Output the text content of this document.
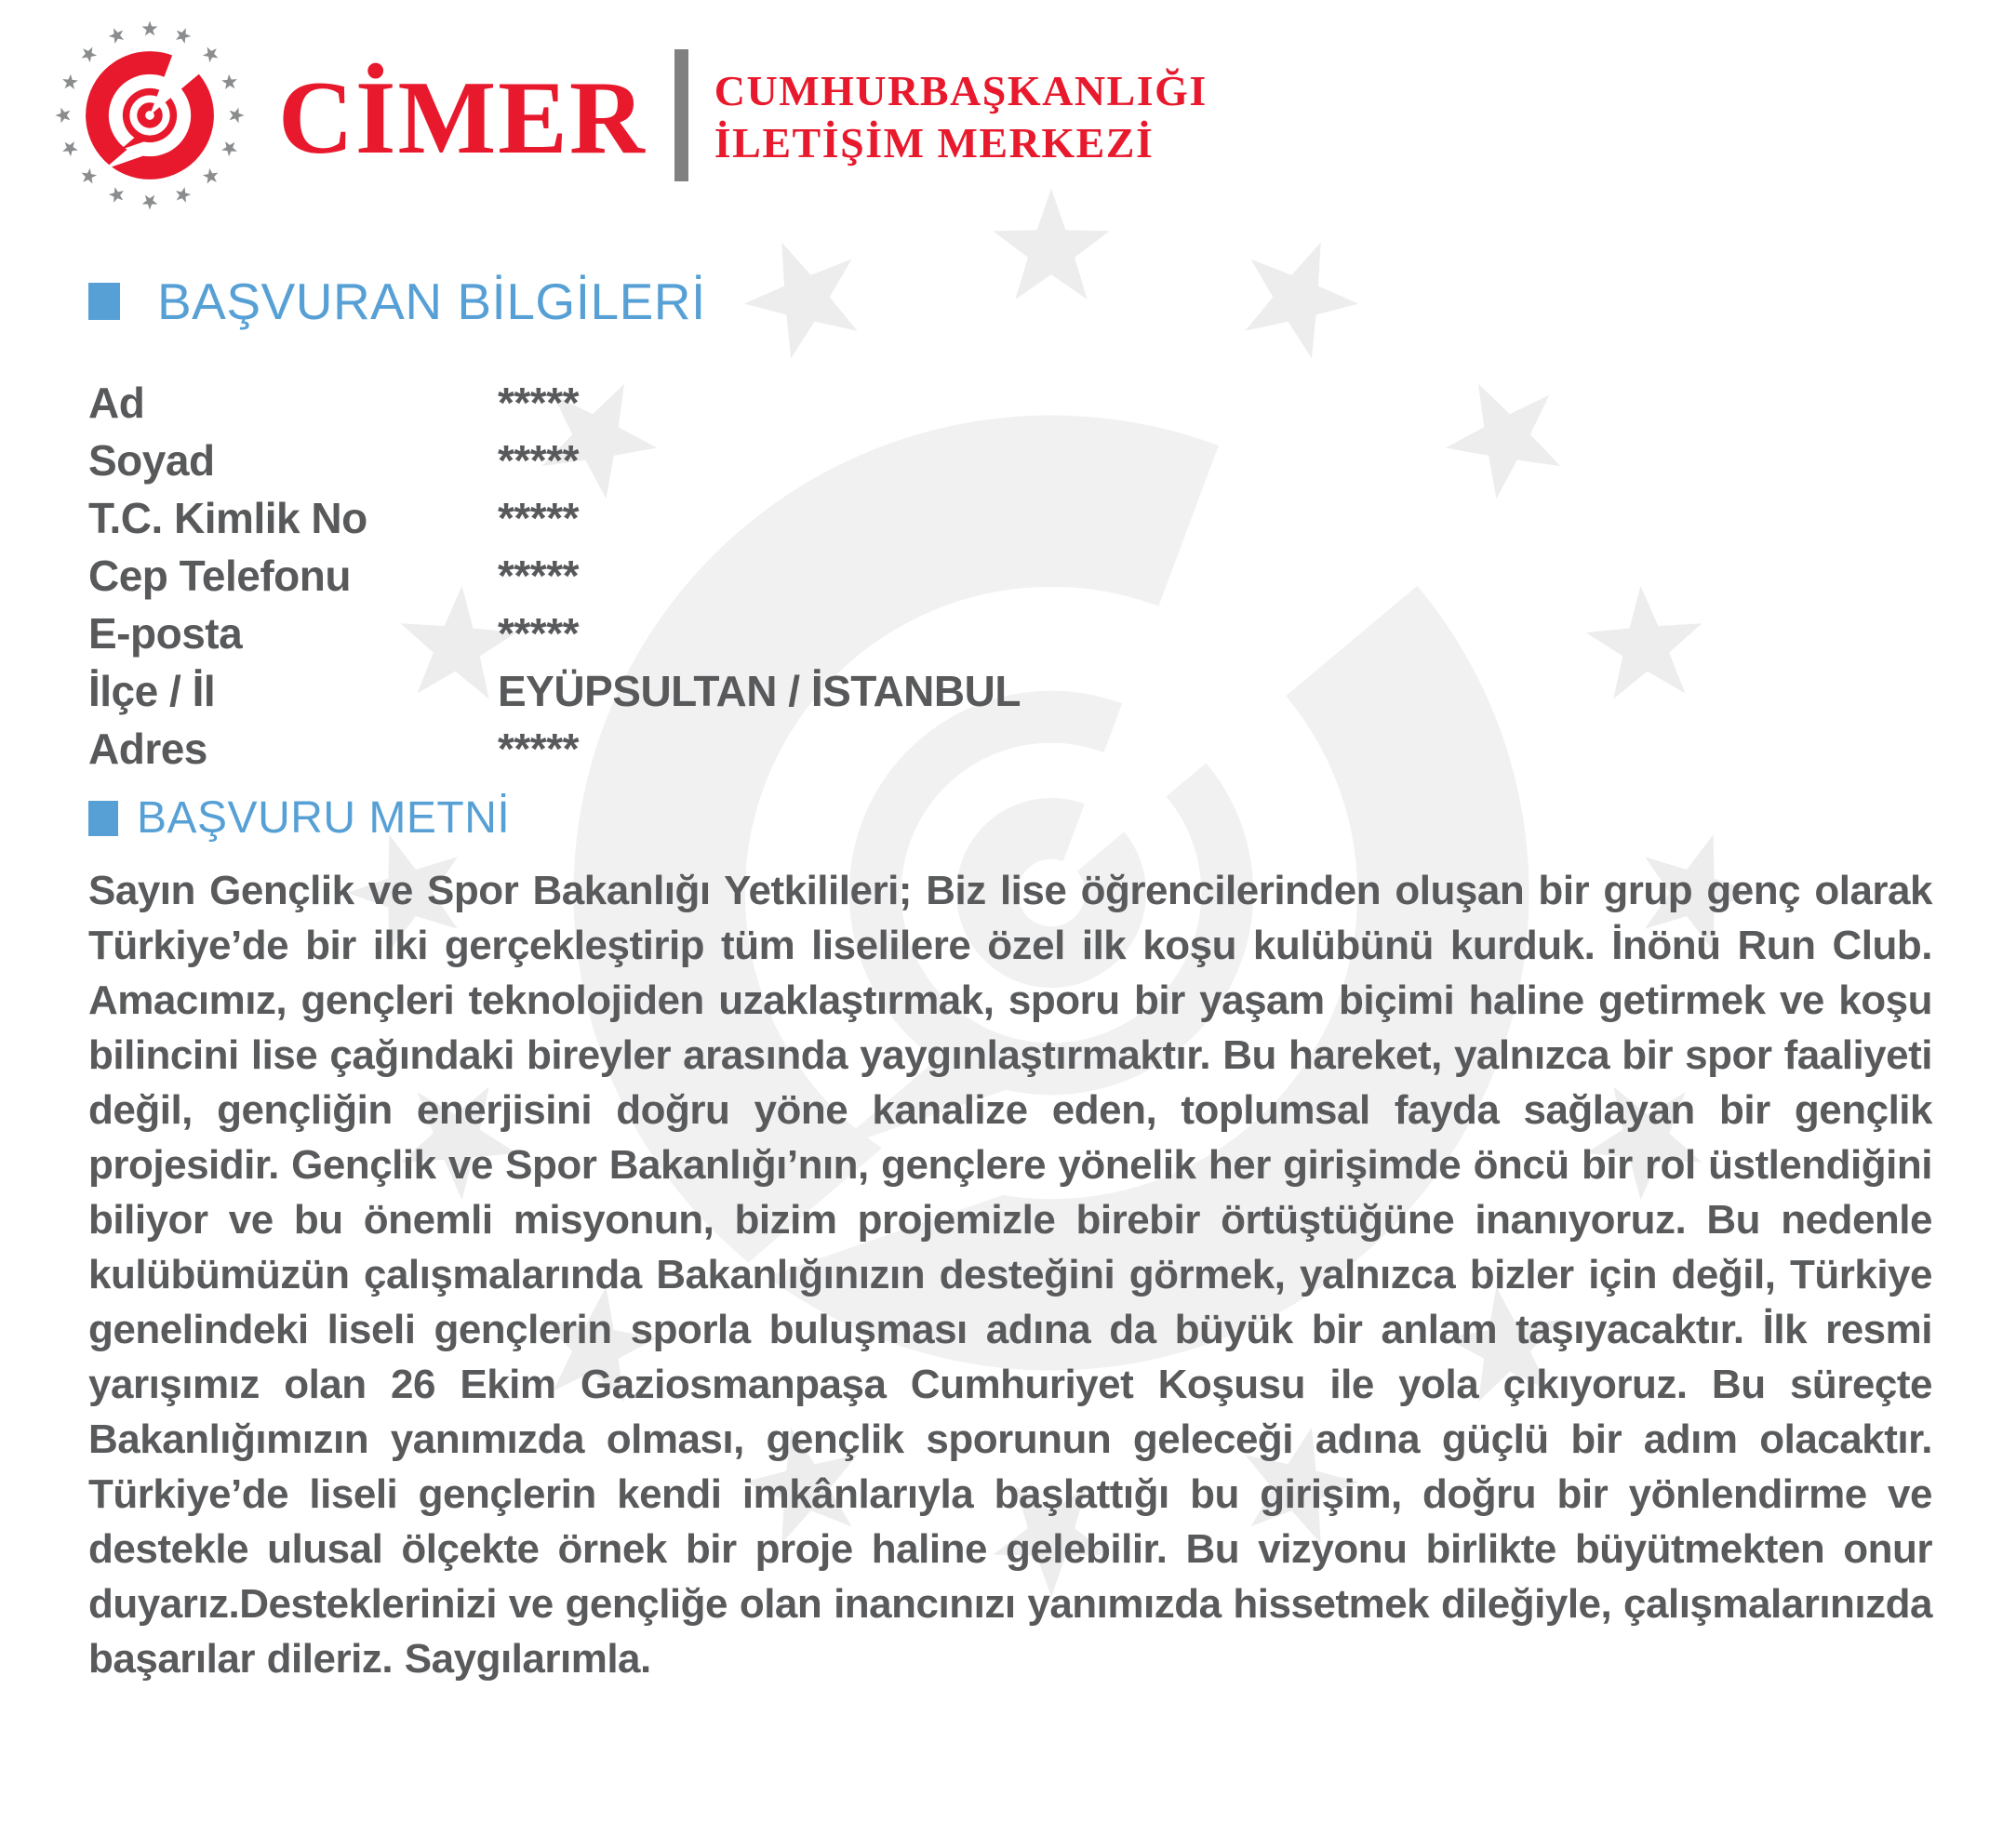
CİMER CUMHURBAŞKANLIĞI
İLETİŞİM MERKEZİ
BAŞVURAN BİLGİLERİ
Ad	*****
Soyad	*****
T.C. Kimlik No	*****
Cep Telefonu	*****
E-posta	*****
İlçe / İl	EYÜPSULTAN / İSTANBUL
Adres	*****
BAŞVURU METNİ
Sayın Gençlik ve Spor Bakanlığı Yetkilileri; Biz lise öğrencilerinden oluşan bir grup genç olarak Türkiye’de bir ilki gerçekleştirip tüm liselilere özel ilk koşu kulübünü kurduk. İnönü Run Club. Amacımız, gençleri teknolojiden uzaklaştırmak, sporu bir yaşam biçimi haline getirmek ve koşu bilincini lise çağındaki bireyler arasında yaygınlaştırmaktır. Bu hareket, yalnızca bir spor faaliyeti değil, gençliğin enerjisini doğru yöne kanalize eden, toplumsal fayda sağlayan bir gençlik projesidir. Gençlik ve Spor Bakanlığı’nın, gençlere yönelik her girişimde öncü bir rol üstlendiğini biliyor ve bu önemli misyonun, bizim projemizle birebir örtüştüğüne inanıyoruz. Bu nedenle kulübümüzün çalışmalarında Bakanlığınızın desteğini görmek, yalnızca bizler için değil, Türkiye genelindeki liseli gençlerin sporla buluşması adına da büyük bir anlam taşıyacaktır. İlk resmi yarışımız olan 26 Ekim Gaziosmanpaşa Cumhuriyet Koşusu ile yola çıkıyoruz. Bu süreçte Bakanlığımızın yanımızda olması, gençlik sporunun geleceği adına güçlü bir adım olacaktır. Türkiye’de liseli gençlerin kendi imkânlarıyla başlattığı bu girişim, doğru bir yönlendirme ve destekle ulusal ölçekte örnek bir proje haline gelebilir. Bu vizyonu birlikte büyütmekten onur duyarız.Desteklerinizi ve gençliğe olan inancınızı yanımızda hissetmek dileğiyle, çalışmalarınızda başarılar dileriz. Saygılarımla.
